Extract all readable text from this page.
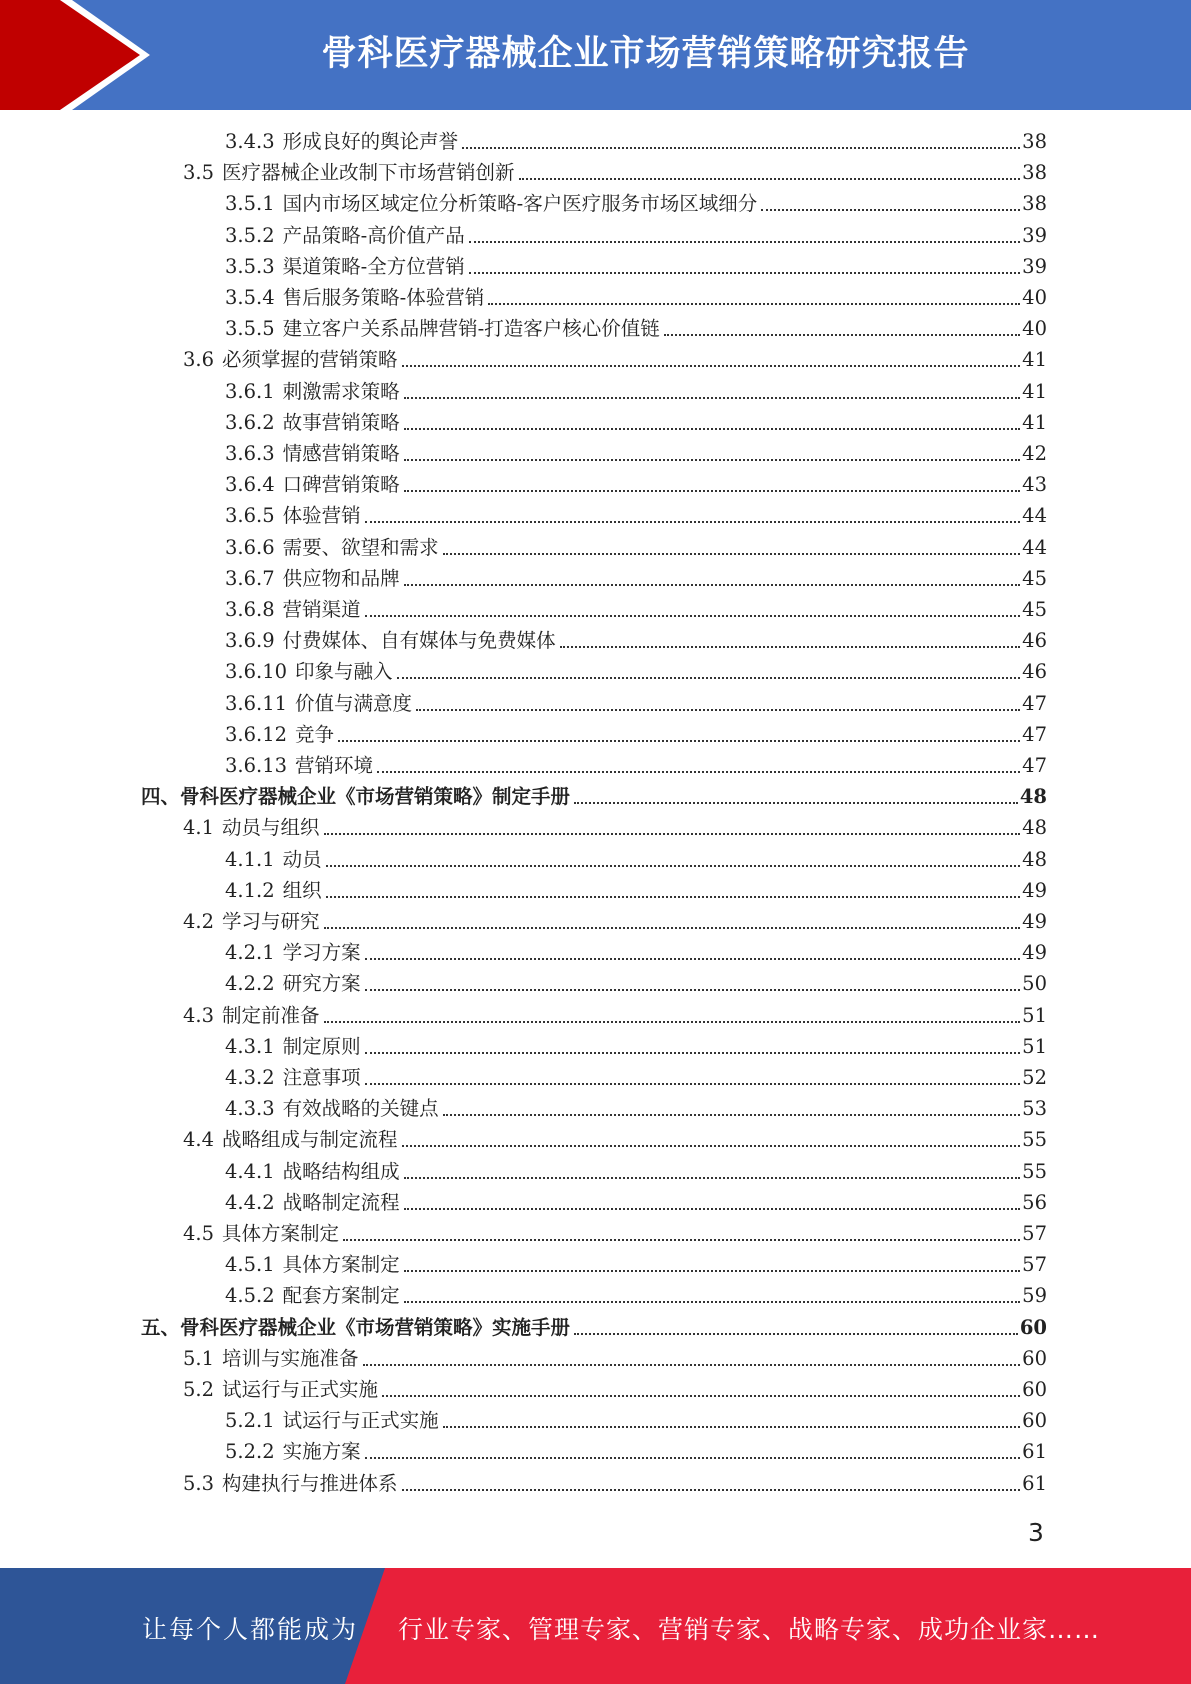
骨科医疗器械企业市场营销策略研究报告
3.4.3 形成良好的舆论声誉	38
3.5 医疗器械企业改制下市场营销创新	38
3.5.1 国内市场区域定位分析策略-客户医疗服务市场区域细分	38
3.5.2 产品策略-高价值产品	39
3.5.3 渠道策略-全方位营销	39
3.5.4 售后服务策略-体验营销	40
3.5.5 建立客户关系品牌营销-打造客户核心价值链	40
3.6 必须掌握的营销策略	41
3.6.1 刺激需求策略	41
3.6.2 故事营销策略	41
3.6.3 情感营销策略	42
3.6.4 口碑营销策略	43
3.6.5 体验营销	44
3.6.6 需要、欲望和需求	44
3.6.7 供应物和品牌	45
3.6.8 营销渠道	45
3.6.9 付费媒体、自有媒体与免费媒体	46
3.6.10 印象与融入	46
3.6.11 价值与满意度	47
3.6.12 竞争	47
3.6.13 营销环境	47
四、 骨科医疗器械企业《市场营销策略》制定手册	48
4.1 动员与组织	48
4.1.1 动员	48
4.1.2 组织	49
4.2 学习与研究	49
4.2.1 学习方案	49
4.2.2 研究方案	50
4.3 制定前准备	51
4.3.1 制定原则	51
4.3.2 注意事项	52
4.3.3 有效战略的关键点	53
4.4 战略组成与制定流程	55
4.4.1 战略结构组成	55
4.4.2 战略制定流程	56
4.5 具体方案制定	57
4.5.1 具体方案制定	57
4.5.2 配套方案制定	59
五、 骨科医疗器械企业《市场营销策略》实施手册	60
5.1 培训与实施准备	60
5.2 试运行与正式实施	60
5.2.1 试运行与正式实施	60
5.2.2 实施方案	61
5.3 构建执行与推进体系	61
3
让每个人都能成为 行业专家、管理专家、营销专家、战略专家、成功企业家……
